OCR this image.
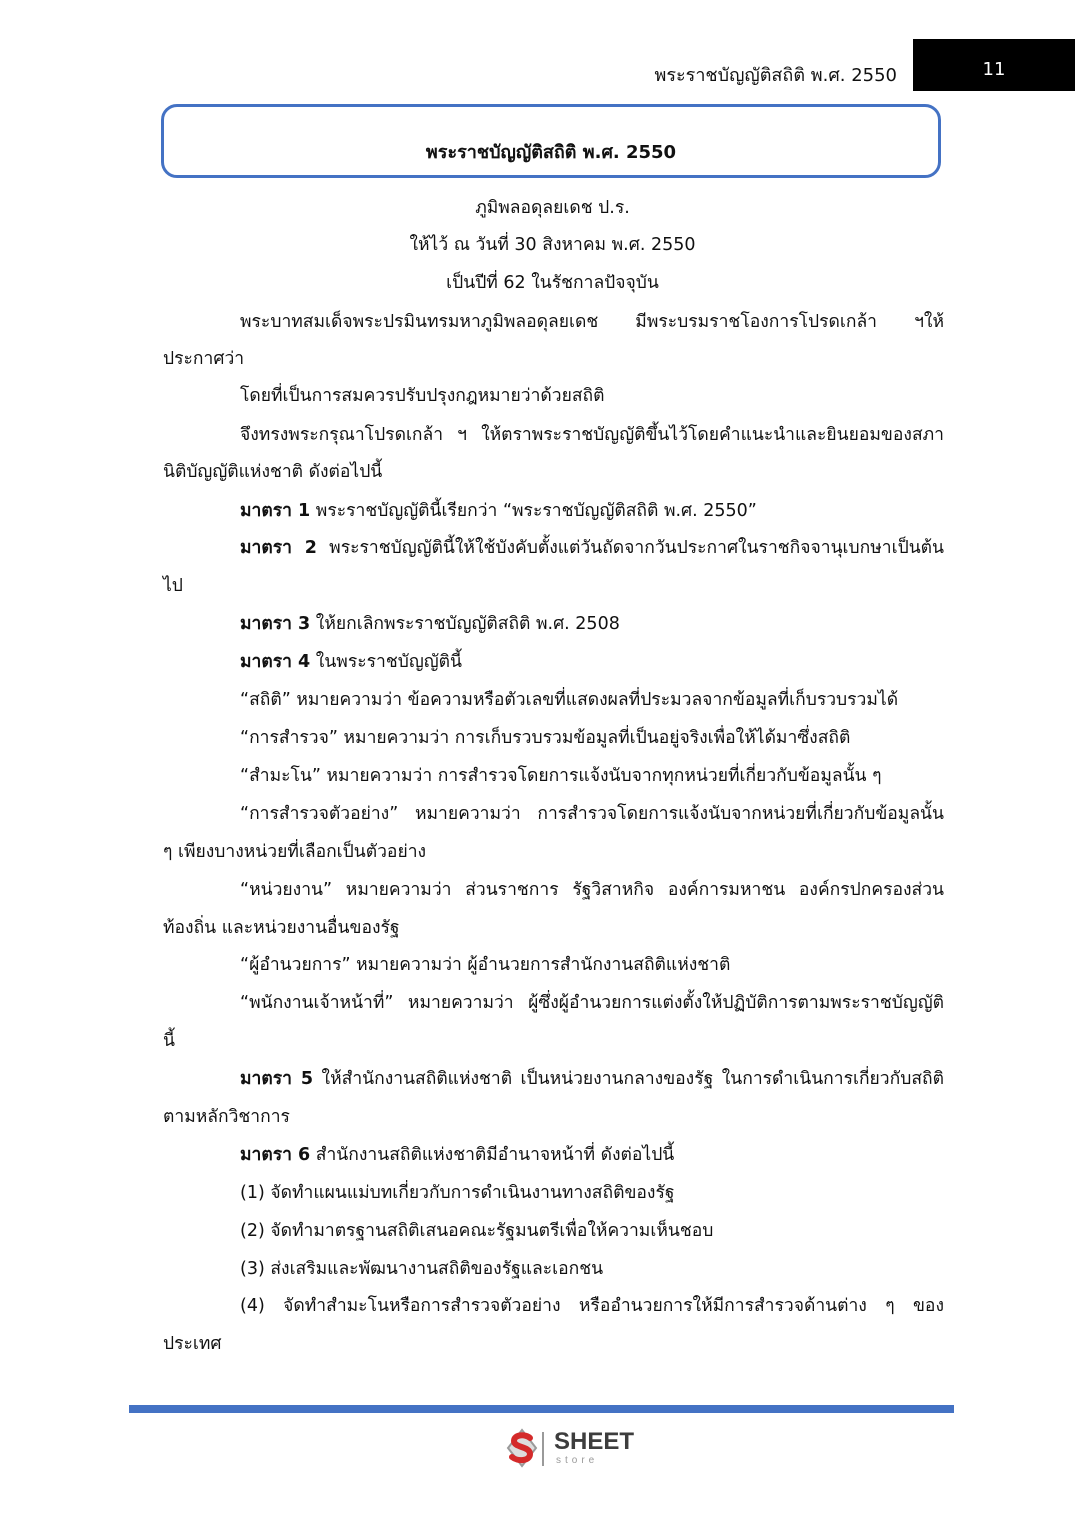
พระราชบัญญัติสถิติ พ.ศ. 2550	11
พระราชบัญญัติสถิติ พ.ศ. 2550
ภูมิพลอดุลยเดช ป.ร.
ให้ไว้ ณ วันที่ 30 สิงหาคม พ.ศ. 2550
เป็นปีที่ 62 ในรัชกาลปัจจุบัน
พระบาทสมเด็จพระปรมินทรมหาภูมิพลอดุลยเดช มีพระบรมราชโองการโปรดเกล้า ฯให้
ประกาศว่า
โดยที่เป็นการสมควรปรับปรุงกฎหมายว่าด้วยสถิติ
จึงทรงพระกรุณาโปรดเกล้า ฯ ให้ตราพระราชบัญญัติขึ้นไว้โดยคำแนะนำและยินยอมของสภา
นิติบัญญัติแห่งชาติ ดังต่อไปนี้
มาตรา 1 พระราชบัญญัตินี้เรียกว่า “พระราชบัญญัติสถิติ พ.ศ. 2550”
มาตรา 2 พระราชบัญญัตินี้ให้ใช้บังคับตั้งแต่วันถัดจากวันประกาศในราชกิจจานุเบกษาเป็นต้น
ไป
มาตรา 3 ให้ยกเลิกพระราชบัญญัติสถิติ พ.ศ. 2508
มาตรา 4 ในพระราชบัญญัตินี้
“สถิติ” หมายความว่า ข้อความหรือตัวเลขที่แสดงผลที่ประมวลจากข้อมูลที่เก็บรวบรวมได้
“การสำรวจ” หมายความว่า การเก็บรวบรวมข้อมูลที่เป็นอยู่จริงเพื่อให้ได้มาซึ่งสถิติ
“สำมะโน” หมายความว่า การสำรวจโดยการแจ้งนับจากทุกหน่วยที่เกี่ยวกับข้อมูลนั้น ๆ
“การสำรวจตัวอย่าง” หมายความว่า การสำรวจโดยการแจ้งนับจากหน่วยที่เกี่ยวกับข้อมูลนั้น
ๆ เพียงบางหน่วยที่เลือกเป็นตัวอย่าง
“หน่วยงาน” หมายความว่า ส่วนราชการ รัฐวิสาหกิจ องค์การมหาชน องค์กรปกครองส่วน
ท้องถิ่น และหน่วยงานอื่นของรัฐ
“ผู้อำนวยการ” หมายความว่า ผู้อำนวยการสำนักงานสถิติแห่งชาติ
“พนักงานเจ้าหน้าที่” หมายความว่า ผู้ซึ่งผู้อำนวยการแต่งตั้งให้ปฏิบัติการตามพระราชบัญญัติ
นี้
มาตรา 5 ให้สำนักงานสถิติแห่งชาติ เป็นหน่วยงานกลางของรัฐ ในการดำเนินการเกี่ยวกับสถิติ
ตามหลักวิชาการ
มาตรา 6 สำนักงานสถิติแห่งชาติมีอำนาจหน้าที่ ดังต่อไปนี้
(1) จัดทำแผนแม่บทเกี่ยวกับการดำเนินงานทางสถิติของรัฐ
(2) จัดทำมาตรฐานสถิติเสนอคณะรัฐมนตรีเพื่อให้ความเห็นชอบ
(3) ส่งเสริมและพัฒนางานสถิติของรัฐและเอกชน
(4) จัดทำสำมะโนหรือการสำรวจตัวอย่าง หรืออำนวยการให้มีการสำรวจด้านต่าง ๆ ของ
ประเทศ
SHEET
store
